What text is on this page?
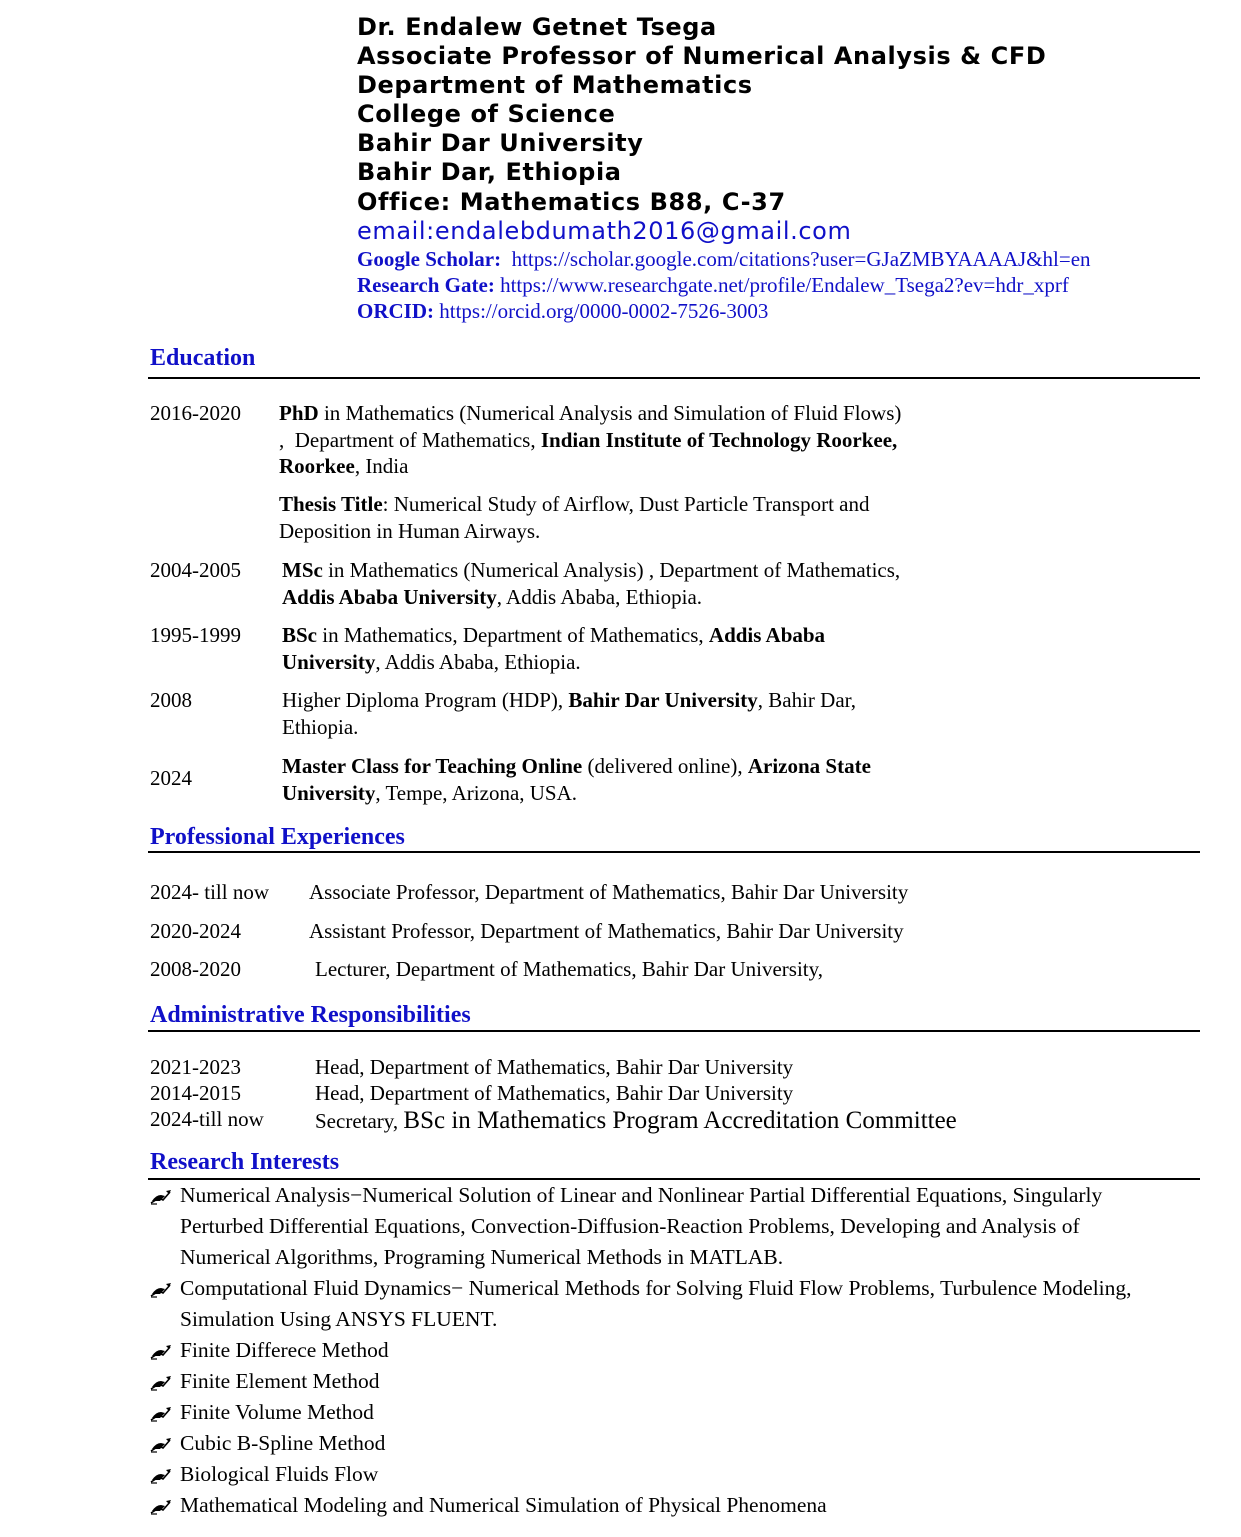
Dr. Endalew Getnet Tsega
Associate Professor of Numerical Analysis & CFD
Department of Mathematics
College of Science
Bahir Dar University
Bahir Dar, Ethiopia
Office: Mathematics B88, C-37
email:endalebdumath2016@gmail.com
Google Scholar: https://scholar.google.com/citations?user=GJaZMBYAAAAJ&hl=en
Research Gate: https://www.researchgate.net/profile/Endalew_Tsega2?ev=hdr_xprf
ORCID: https://orcid.org/0000-0002-7526-3003
Education
2016-2020 PhD in Mathematics (Numerical Analysis and Simulation of Fluid Flows)
,  Department of Mathematics, Indian Institute of Technology Roorkee,
Roorkee, India
Thesis Title: Numerical Study of Airflow, Dust Particle Transport and
Deposition in Human Airways.
2004-2005 MSc in Mathematics (Numerical Analysis) , Department of Mathematics,
Addis Ababa University, Addis Ababa, Ethiopia.
1995-1999 BSc in Mathematics, Department of Mathematics, Addis Ababa
University, Addis Ababa, Ethiopia.
2008	Higher Diploma Program (HDP), Bahir Dar University, Bahir Dar,
Ethiopia.
2024	Master Class for Teaching Online (delivered online), Arizona State
University, Tempe, Arizona, USA.
Professional Experiences
2024- till now Associate Professor, Department of Mathematics, Bahir Dar University
2020-2024	Assistant Professor, Department of Mathematics, Bahir Dar University
2008-2020	Lecturer, Department of Mathematics, Bahir Dar University,
Administrative Responsibilities
2021-2023	Head, Department of Mathematics, Bahir Dar University
2014-2015	Head, Department of Mathematics, Bahir Dar University
2024-till now Secretary, BSc in Mathematics Program Accreditation Committee
Research Interests
Numerical Analysis−Numerical Solution of Linear and Nonlinear Partial Differential Equations, Singularly
Perturbed Differential Equations, Convection-Diffusion-Reaction Problems, Developing and Analysis of
Numerical Algorithms, Programing Numerical Methods in MATLAB.
Computational Fluid Dynamics− Numerical Methods for Solving Fluid Flow Problems, Turbulence Modeling,
Simulation Using ANSYS FLUENT.
Finite Differece Method
Finite Element Method
Finite Volume Method
Cubic B-Spline Method
Biological Fluids Flow
Mathematical Modeling and Numerical Simulation of Physical Phenomena
